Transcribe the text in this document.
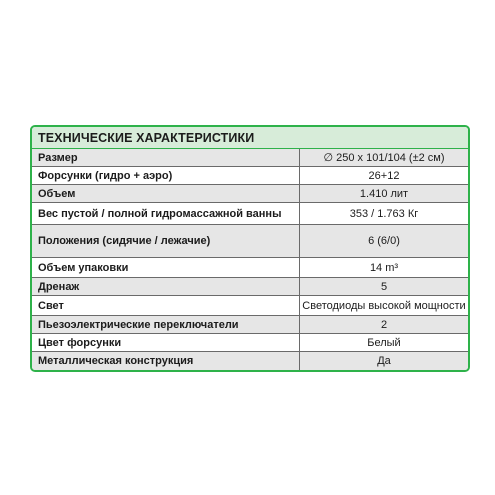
ТЕХНИЧЕСКИЕ ХАРАКТЕРИСТИКИ
Размер	∅ 250 x 101/104 (±2 см)
Форсунки (гидро + аэро)	26+12
Объем	1.410 лит
Вес пустой / полной гидромассажной ванны	353 / 1.763 Кг
Положения (сидячие / лежачие)	6 (6/0)
Объем упаковки	14 m³
Дренаж	5
Свет	Светодиоды высокой мощности
Пьезоэлектрические переключатели	2
Цвет форсунки	Белый
Металлическая конструкция	Да
